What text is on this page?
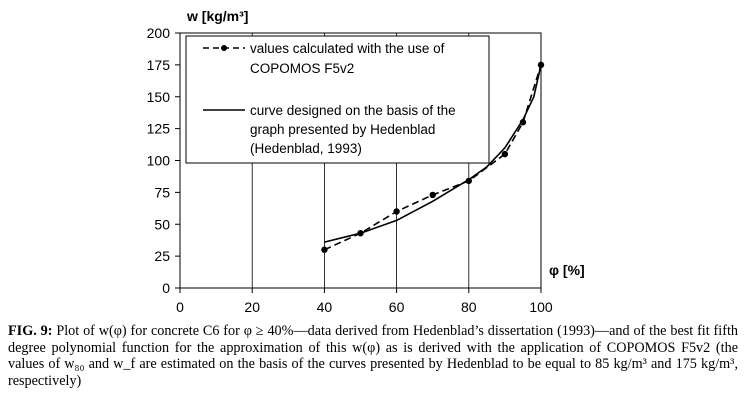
0
25
50
75
100
125
150
175
200
0	20	40	60	80	100
w [kg/m³]
φ [%]
values calculated with the use of
COPOMOS F5v2
curve designed on the basis of the
graph presented by Hedenblad
(Hedenblad, 1993)
FIG. 9: Plot of w(φ) for concrete C6 for φ ≥ 40%—data derived from Hedenblad’s dissertation (1993)—and of the best fit fifth degree polynomial function for the approximation of this w(φ) as is derived with the application of COPOMOS F5v2 (the values of w₈₀ and w_f are estimated on the basis of the curves presented by Hedenblad to be equal to 85 kg/m³ and 175 kg/m³, respectively)
